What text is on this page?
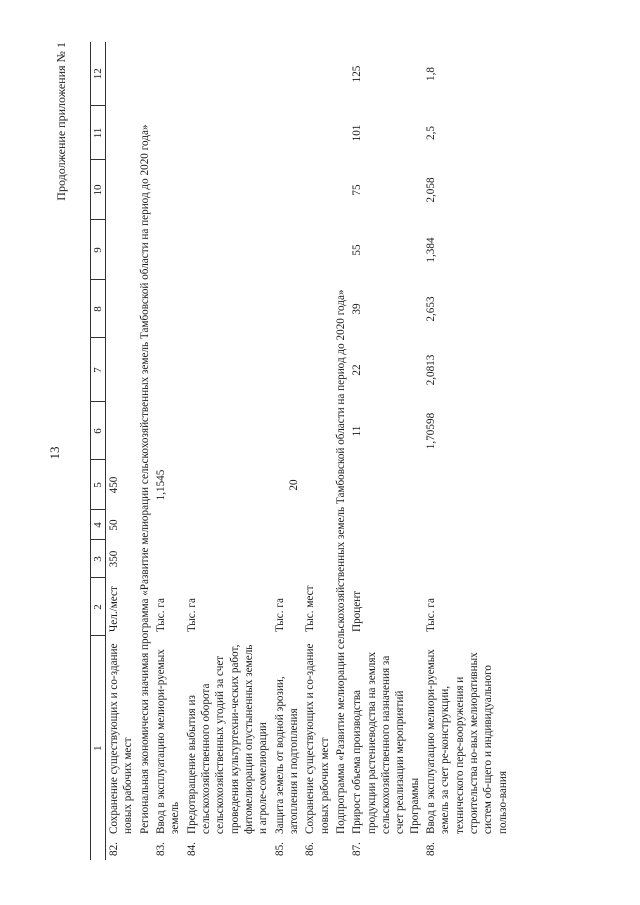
13
Продолжение приложения № 1
1		2	3	4	5	6	7	8	9	10	11	12
82.	Сохранение существующих и со-здание новых рабочих мест	Чел./мест	350	50	450							
	Региональная экономически значимая программа «Развитие мелиорации сельскохозяйственных земель Тамбовской области на период до 2020 года»											
83.	Ввод в эксплуатацию мелиори-руемых земель	Тыс. га			1,1545							
84.	Предотвращение выбытия из сельскохозяйственного оборота сельскохозяйственных угодий за счет проведения культуртехни-ческих работ, фитомелиорации опустыненных земель и агроле-сомелиорации	Тыс. га										
85.	Защита земель от водной эрозии, затопления и подтопления	Тыс. га			20							
86.	Сохранение существующих и со-здание новых рабочих мест	Тыс. мест										
	Подпрограмма «Развитие мелиорации сельскохозяйственных земель Тамбовской области на период до 2020 года»											
87.	Прирост объема производства продукции растениеводства на землях сельскохозяйственного назначения за счет реализации мероприятий Программы	Процент				11	22	39	55	75	101	125
88.	Ввод в эксплуатацию мелиори-руемых земель за счет ре-конструкции, технического пере-вооружения и строительства но-вых мелиоративных систем об-щего и индивидуального пользо-вания	Тыс. га				1,70598	2,0813	2,653	1,384	2,058	2,5	1,8
